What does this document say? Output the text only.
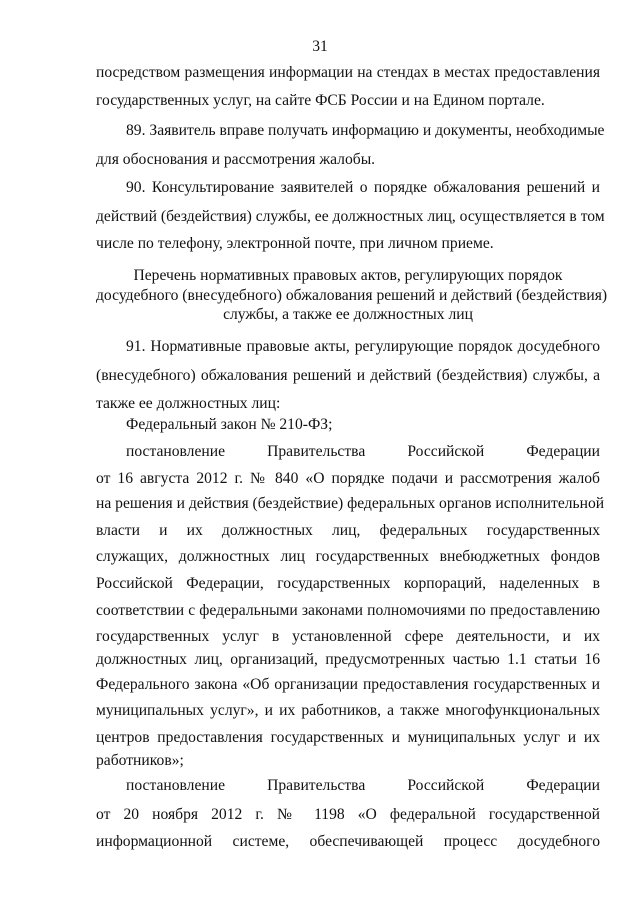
31
посредством размещения информации на стендах в местах предоставления
государственных услуг, на сайте ФСБ России и на Едином портале.
89. Заявитель вправе получать информацию и документы, необходимые
для обоснования и рассмотрения жалобы.
90. Консультирование заявителей о порядке обжалования решений и
действий (бездействия) службы, ее должностных лиц, осуществляется в том
числе по телефону, электронной почте, при личном приеме.
Перечень нормативных правовых актов, регулирующих порядок
досудебного (внесудебного) обжалования решений и действий (бездействия)
службы, а также ее должностных лиц
91. Нормативные правовые акты, регулирующие порядок досудебного
(внесудебного) обжалования решений и действий (бездействия) службы, а
также ее должностных лиц:
Федеральный закон № 210-ФЗ;
постановление Правительства Российской Федерации
от 16 августа 2012 г. № 840 «О порядке подачи и рассмотрения жалоб
на решения и действия (бездействие) федеральных органов исполнительной
власти и их должностных лиц, федеральных государственных
служащих, должностных лиц государственных внебюджетных фондов
Российской Федерации, государственных корпораций, наделенных в
соответствии с федеральными законами полномочиями по предоставлению
государственных услуг в установленной сфере деятельности, и их
должностных лиц, организаций, предусмотренных частью 1.1 статьи 16
Федерального закона «Об организации предоставления государственных и
муниципальных услуг», и их работников, а также многофункциональных
центров предоставления государственных и муниципальных услуг и их
работников»;
постановление Правительства Российской Федерации
от 20 ноября 2012 г. № 1198 «О федеральной государственной
информационной системе, обеспечивающей процесс досудебного
